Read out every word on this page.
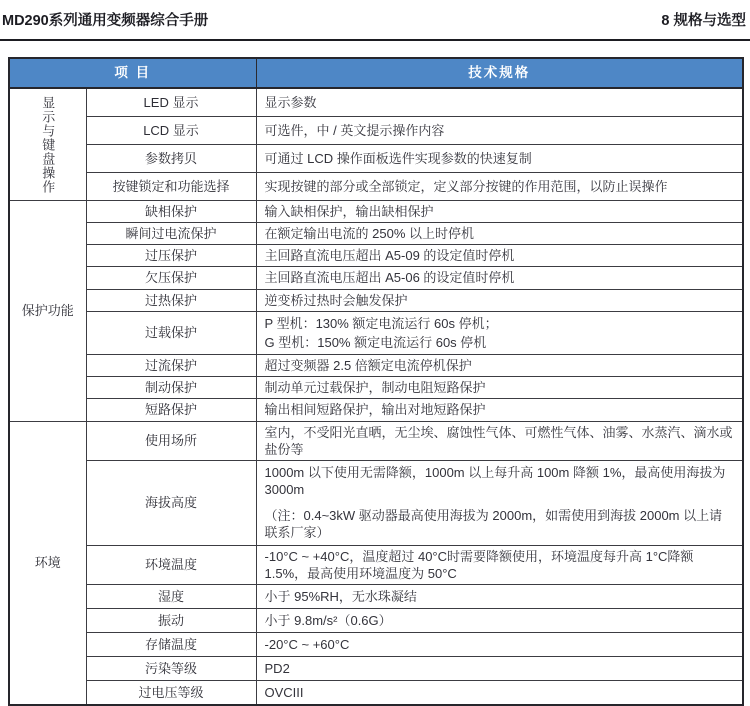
MD290系列通用变频器综合手册	8 规格与选型
项 目		技术规格

显示与键盘操作	LED 显示	显示参数
	LCD 显示	可选件，中 / 英文提示操作内容
	参数拷贝	可通过 LCD 操作面板选件实现参数的快速复制
	按键锁定和功能选择	实现按键的部分或全部锁定，定义部分按键的作用范围，以防止误操作
保护功能	缺相保护	输入缺相保护，输出缺相保护
	瞬间过电流保护	在额定输出电流的 250% 以上时停机
	过压保护	主回路直流电压超出 A5-09 的设定值时停机
	欠压保护	主回路直流电压超出 A5-06 的设定值时停机
	过热保护	逆变桥过热时会触发保护
	过载保护	P 型机：130% 额定电流运行 60s 停机；
G 型机：150% 额定电流运行 60s 停机

	过流保护	超过变频器 2.5 倍额定电流停机保护
	制动保护	制动单元过载保护，制动电阻短路保护
	短路保护	输出相间短路保护，输出对地短路保护
环境	使用场所	室内，不受阳光直晒，无尘埃、腐蚀性气体、可燃性气体、油雾、水蒸汽、滴水或盐份等
	海拔高度	1000m 以下使用无需降额，1000m 以上每升高 100m 降额 1%，最高使用海拔为 3000m
（注：0.4~3kW 驱动器最高使用海拔为 2000m，如需使用到海拔 2000m 以上请联系厂家）

	环境温度	-10°C ~ +40°C，温度超过 40°C时需要降额使用，环境温度每升高 1°C降额 1.5%，最高使用环境温度为 50°C
	湿度	小于 95%RH，无水珠凝结
	振动	小于 9.8m/s²（0.6G）
	存储温度	-20°C ~ +60°C
	污染等级	PD2
	过电压等级	OVCIII
